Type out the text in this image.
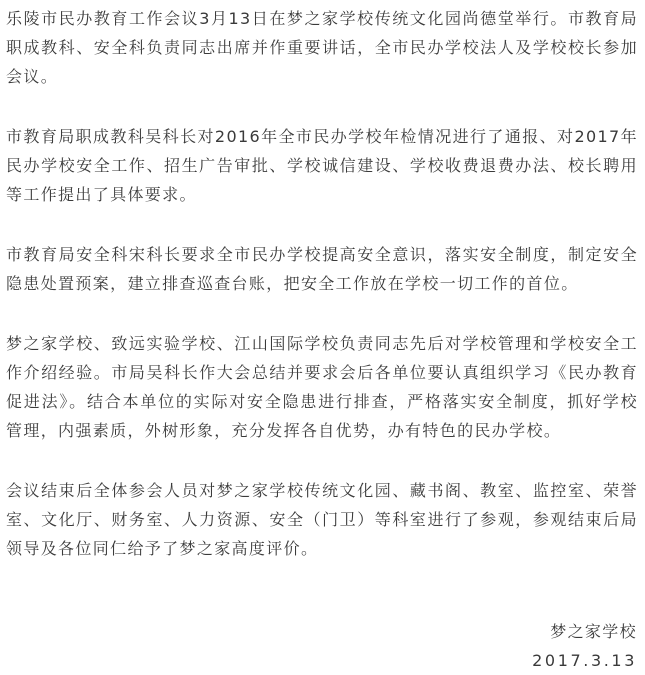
乐陵市民办教育工作会议3月13日在梦之家学校传统文化园尚德堂举行。市教育局职成教科、安全科负责同志出席并作重要讲话，全市民办学校法人及学校校长参加会议。

市教育局职成教科吴科长对2016年全市民办学校年检情况进行了通报、对2017年民办学校安全工作、招生广告审批、学校诚信建设、学校收费退费办法、校长聘用等工作提出了具体要求。

市教育局安全科宋科长要求全市民办学校提高安全意识，落实安全制度，制定安全隐患处置预案，建立排查巡查台账，把安全工作放在学校一切工作的首位。

梦之家学校、致远实验学校、江山国际学校负责同志先后对学校管理和学校安全工作介绍经验。市局吴科长作大会总结并要求会后各单位要认真组织学习《民办教育促进法》。结合本单位的实际对安全隐患进行排查，严格落实安全制度，抓好学校管理，内强素质，外树形象，充分发挥各自优势，办有特色的民办学校。

会议结束后全体参会人员对梦之家学校传统文化园、藏书阁、教室、监控室、荣誉室、文化厅、财务室、人力资源、安全（门卫）等科室进行了参观，参观结束后局领导及各位同仁给予了梦之家高度评价。

梦之家学校
2017.3.13
